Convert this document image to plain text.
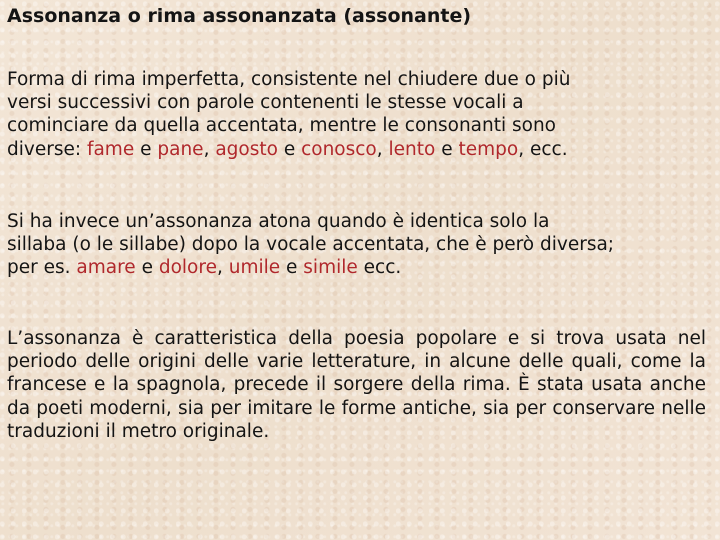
Assonanza o rima assonanzata (assonante)

Forma di rima imperfetta, consistente nel chiudere due o più
versi successivi con parole contenenti le stesse vocali a
cominciare da quella accentata, mentre le consonanti sono
diverse: fame e pane, agosto e conosco, lento e tempo, ecc.

Si ha invece un’assonanza atona quando è identica solo la
sillaba (o le sillabe) dopo la vocale accentata, che è però diversa;
per es. amare e dolore, umile e simile ecc.

L’assonanza è caratteristica della poesia popolare e si trova usata nel periodo delle origini delle varie letterature, in alcune delle quali, come la francese e la spagnola, precede il sorgere della rima. È stata usata anche da poeti moderni, sia per imitare le forme antiche, sia per conservare nelle traduzioni il metro originale.
